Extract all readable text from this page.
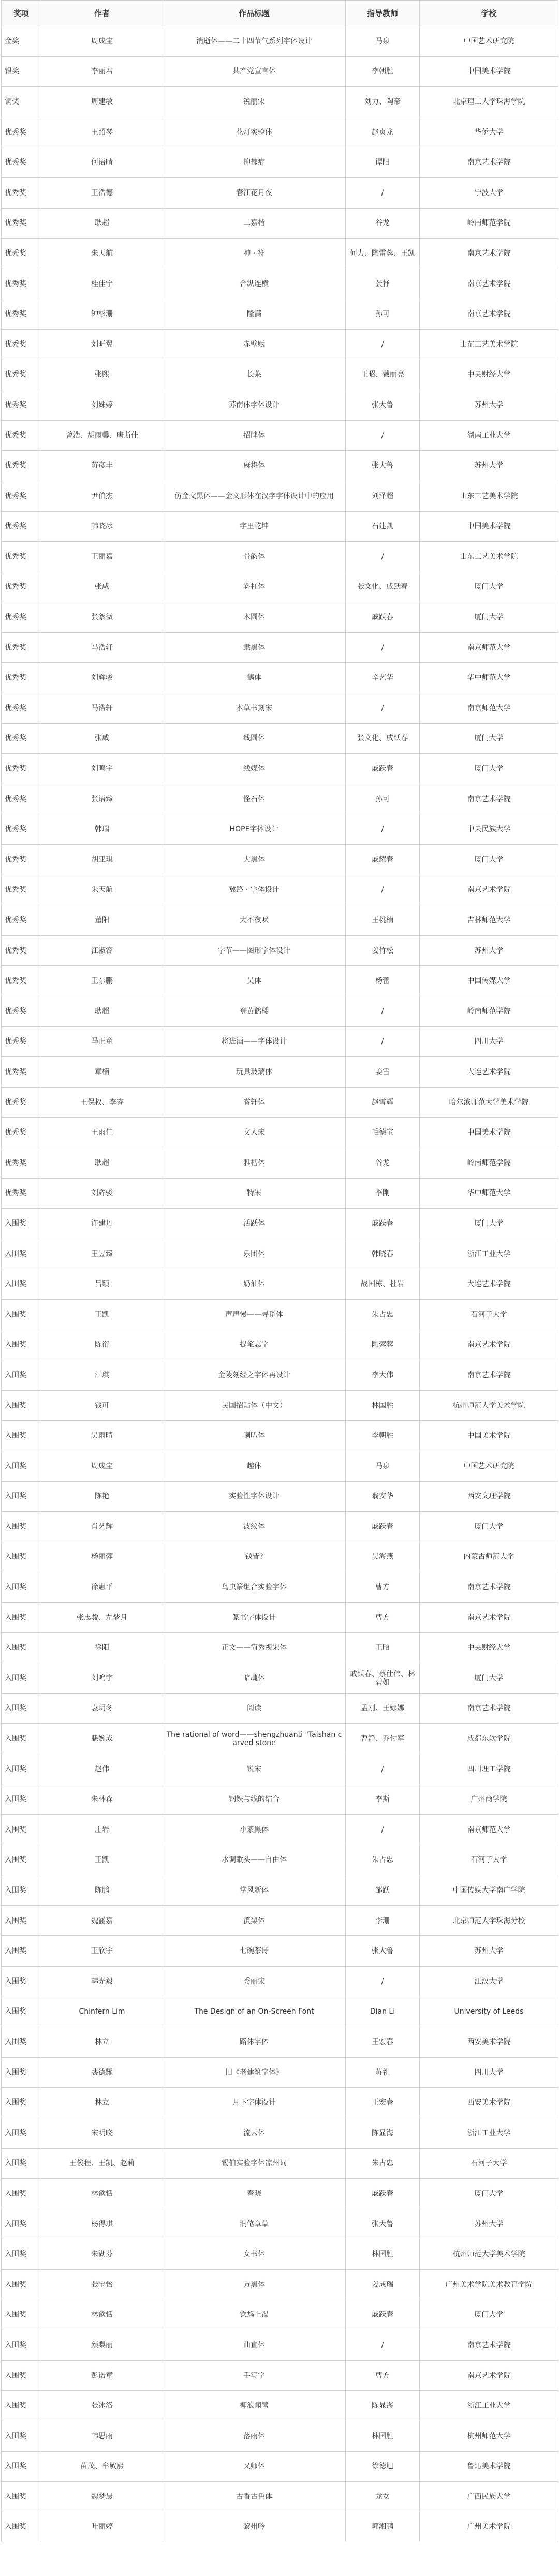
奖项	作者	作品标题	指导教师	学校
金奖	周成宝	消逝体——二十四节气系列字体设计	马泉	中国艺术研究院
银奖	李丽君	共产党宣言体	李朝胜	中国美术学院
铜奖	周建敏	锐丽宋	刘力、陶帝	北京理工大学珠海学院
优秀奖	王韶琴	花灯实验体	赵贞龙	华侨大学
优秀奖	何语晴	抑郁症	谭阳	南京艺术学院
优秀奖	王浩德	春江花月夜	/	宁波大学
优秀奖	耿超	二嘉楷	谷龙	岭南师范学院
优秀奖	朱天航	神 · 符	何力、陶雷蓉、王凯	南京艺术学院
优秀奖	桂佳宁	合纵连横	张抒	南京艺术学院
优秀奖	钟杉珊	隆满	孙可	南京艺术学院
优秀奖	刘昕翼	赤壁赋	/	山东工艺美术学院
优秀奖	张熙	长莱	王昭、戴丽亮	中央财经大学
优秀奖	刘姝婷	苏南体字体设计	张大鲁	苏州大学
优秀奖	曾浩、胡雨馨、唐斯佳	招牌体	/	湖南工业大学
优秀奖	蒋彦丰	麻将体	张大鲁	苏州大学
优秀奖	尹伯杰	仿金文黑体——金文形体在汉字字体设计中的应用	刘泽超	山东工艺美术学院
优秀奖	韩晓冰	字里乾坤	石建凯	中国美术学院
优秀奖	王丽嘉	骨韵体	/	山东工艺美术学院
优秀奖	张咸	斜杠体	张文化、戚跃春	厦门大学
优秀奖	张絮微	木圆体	戚跃春	厦门大学
优秀奖	马浩轩	隶黑体	/	南京师范大学
优秀奖	刘辉骏	鹤体	辛艺华	华中师范大学
优秀奖	马浩轩	本草书刻宋	/	南京师范大学
优秀奖	张咸	线圆体	张文化、戚跃春	厦门大学
优秀奖	刘鸣宇	线媒体	戚跃春	厦门大学
优秀奖	张语臻	怪石体	孙可	南京艺术学院
优秀奖	韩瑞	HOPE字体设计	/	中央民族大学
优秀奖	胡亚琪	大黑体	戚耀春	厦门大学
优秀奖	朱天航	冀路 · 字体设计	/	南京艺术学院
优秀奖	董阳	犬不夜吠	王桃楠	吉林师范大学
优秀奖	江淑容	字节——图形字体设计	姜竹松	苏州大学
优秀奖	王东鹏	吴体	杨蕾	中国传媒大学
优秀奖	耿超	登黄鹤楼	/	岭南师范学院
优秀奖	马正童	将进酒——字体设计	/	四川大学
优秀奖	章楠	玩具玻璃体	姜雪	大连艺术学院
优秀奖	王保权、李睿	睿轩体	赵雪辉	哈尔滨师范大学美术学院
优秀奖	王雨佳	文人宋	毛德宝	中国美术学院
优秀奖	耿超	雅楷体	谷龙	岭南师范学院
优秀奖	刘辉骏	特宋	李刚	华中师范大学
入围奖	许建丹	活跃体	戚跃春	厦门大学
入围奖	王昱臻	乐团体	韩晓春	浙江工业大学
入围奖	吕颖	奶油体	战国栋、杜岩	大连艺术学院
入围奖	王凯	声声慢——寻觅体	朱占忠	石河子大学
入围奖	陈衍	提笔忘字	陶蓉蓉	南京艺术学院
入围奖	江琪	金陵刻经之字体再设计	李大伟	南京艺术学院
入围奖	钱可	民国招贴体（中文）	林国胜	杭州师范大学美术学院
入围奖	吴雨晴	喇叭体	李朝胜	中国美术学院
入围奖	周成宝	趣体	马泉	中国艺术研究院
入围奖	陈艳	实验性字体设计	翁安华	西安文理学院
入围奖	肖艺辉	波纹体	戚跃春	厦门大学
入围奖	杨丽蓉	钱皆?	吴海燕	内蒙古师范大学
入围奖	徐惠平	鸟虫篆组合实验字体	曹方	南京艺术学院
入围奖	张志骏、左梦月	篆书字体设计	曹方	南京艺术学院
入围奖	徐阳	正文——简秀视宋体	王昭	中央财经大学
入围奖	刘鸣宇	暗魂体	戚跃春、蔡仕伟、林碧如	厦门大学
入围奖	袁玥冬	阅读	孟刚、王娜娜	南京艺术学院
入围奖	縢婉成	The rational of word——shengzhuanti "Taishan carved stone	曹静、乔付军	成都东软学院
入围奖	赵伟	锐宋	/	四川理工学院
入围奖	朱林森	钢铁与线的结合	李斯	广州商学院
入围奖	庄岩	小篆黑体	/	南京师范大学
入围奖	王凯	水调歌头——自由体	朱占忠	石河子大学
入围奖	陈鹏	掌风新体	邹跃	中国传媒大学南广学院
入围奖	魏涵嘉	滇梨体	李珊	北京师范大学珠海分校
入围奖	王欣宇	七碗茶诗	张大鲁	苏州大学
入围奖	韩光毅	秀丽宋	/	江汉大学
入围奖	Chinfern Lim	The Design of an On-Screen Font	Dian Li	University of Leeds
入围奖	林立	路体字体	王宏春	西安美术学院
入围奖	裴德耀	旧《老建筑字体》	蒋礼	四川大学
入围奖	林立	月下字体设计	王宏春	西安美术学院
入围奖	宋明晓	流云体	陈显海	浙江工业大学
入围奖	王俊程、王凯、赵莉	锡伯实验字体凉州词	朱占忠	石河子大学
入围奖	林歆恬	春晓	戚跃春	厦门大学
入围奖	杨得琪	润笔章草	张大鲁	苏州大学
入围奖	朱湖芬	女书体	林国胜	杭州师范大学美术学院
入围奖	张宝怡	方黑体	姜成瑞	广州美术学院美术教育学院
入围奖	林歆恬	饮鸩止渴	戚跃春	厦门大学
入围奖	颜梨丽	曲直体	/	南京艺术学院
入围奖	彭诺章	手写字	曹方	南京艺术学院
入围奖	张冰洛	柳浪闻莺	陈显海	浙江工业大学
入围奖	韩思雨	落雨体	林国胜	杭州师范大学
入围奖	苗茂、牟敬熙	又师体	徐德旭	鲁迅美术学院
入围奖	魏梦晨	古香古色体	龙女	广西民族大学
入围奖	叶丽婷	黎州吟	郭湘鹏	广州美术学院
